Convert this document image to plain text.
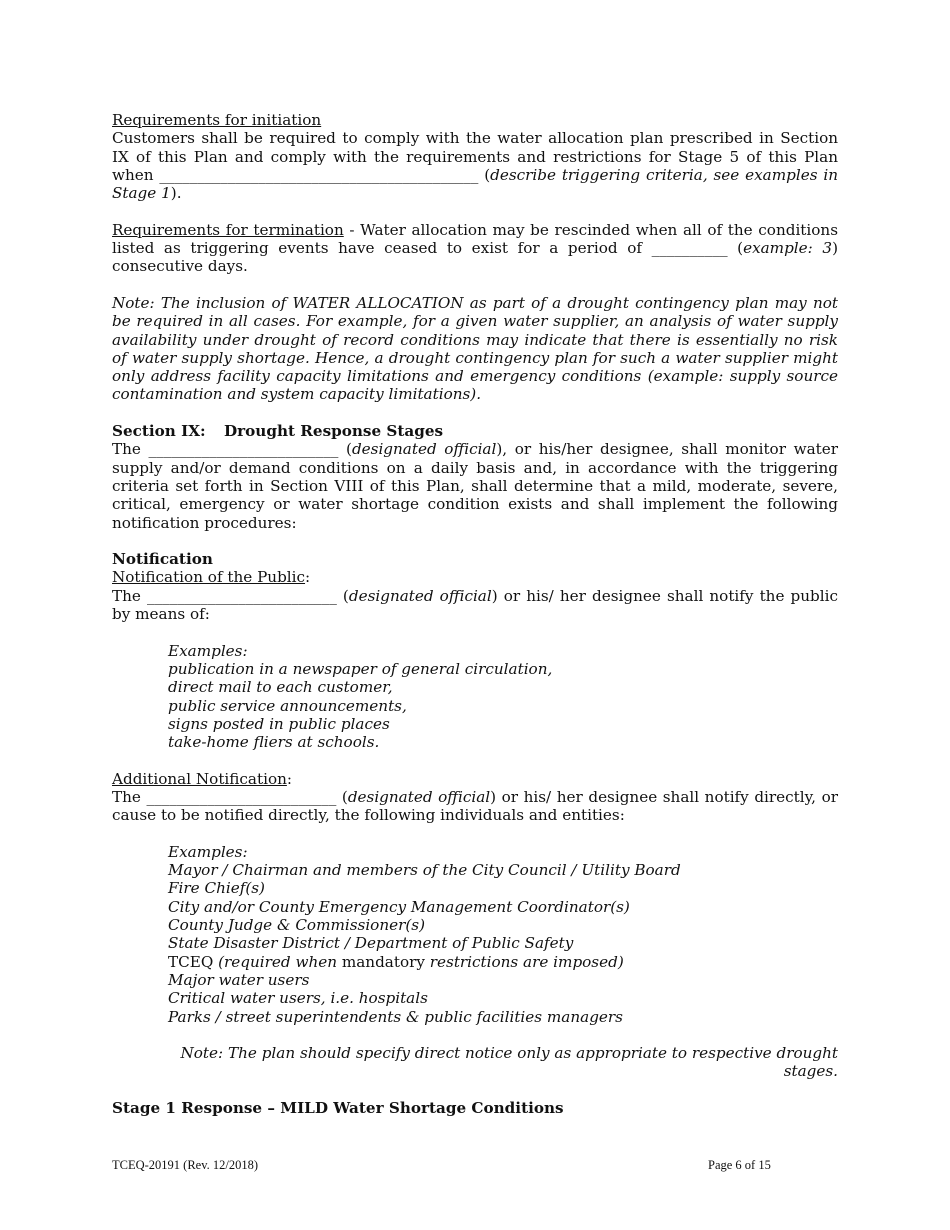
Requirements for initiation

Customers shall be required to comply with the water allocation plan prescribed in Section IX of this Plan and comply with the requirements and restrictions for Stage 5 of this Plan when __________________________________________ (describe triggering criteria, see examples in Stage 1).

Requirements for termination - Water allocation may be rescinded when all of the conditions listed as triggering events have ceased to exist for a period of __________ (example: 3) consecutive days.

Note: The inclusion of WATER ALLOCATION as part of a drought contingency plan may not be required in all cases. For example, for a given water supplier, an analysis of water supply availability under drought of record conditions may indicate that there is essentially no risk of water supply shortage. Hence, a drought contingency plan for such a water supplier might only address facility capacity limitations and emergency conditions (example: supply source contamination and system capacity limitations).

Section IX: Drought Response Stages

The _________________________ (designated official), or his/her designee, shall monitor water supply and/or demand conditions on a daily basis and, in accordance with the triggering criteria set forth in Section VIII of this Plan, shall determine that a mild, moderate, severe, critical, emergency or water shortage condition exists and shall implement the following notification procedures:

Notification

Notification of the Public:

The _________________________ (designated official) or his/ her designee shall notify the public by means of:

Examples:

publication in a newspaper of general circulation,

direct mail to each customer,

public service announcements,

signs posted in public places

take-home fliers at schools.

Additional Notification:

The _________________________ (designated official) or his/ her designee shall notify directly, or cause to be notified directly, the following individuals and entities:

Examples:

Mayor / Chairman and members of the City Council / Utility Board

Fire Chief(s)

City and/or County Emergency Management Coordinator(s)

County Judge & Commissioner(s)

State Disaster District / Department of Public Safety

TCEQ (required when mandatory restrictions are imposed)

Major water users

Critical water users, i.e. hospitals

Parks / street superintendents & public facilities managers

Note: The plan should specify direct notice only as appropriate to respective drought stages.

Stage 1 Response – MILD Water Shortage Conditions

TCEQ-20191 (Rev. 12/2018)	Page 6 of 15
